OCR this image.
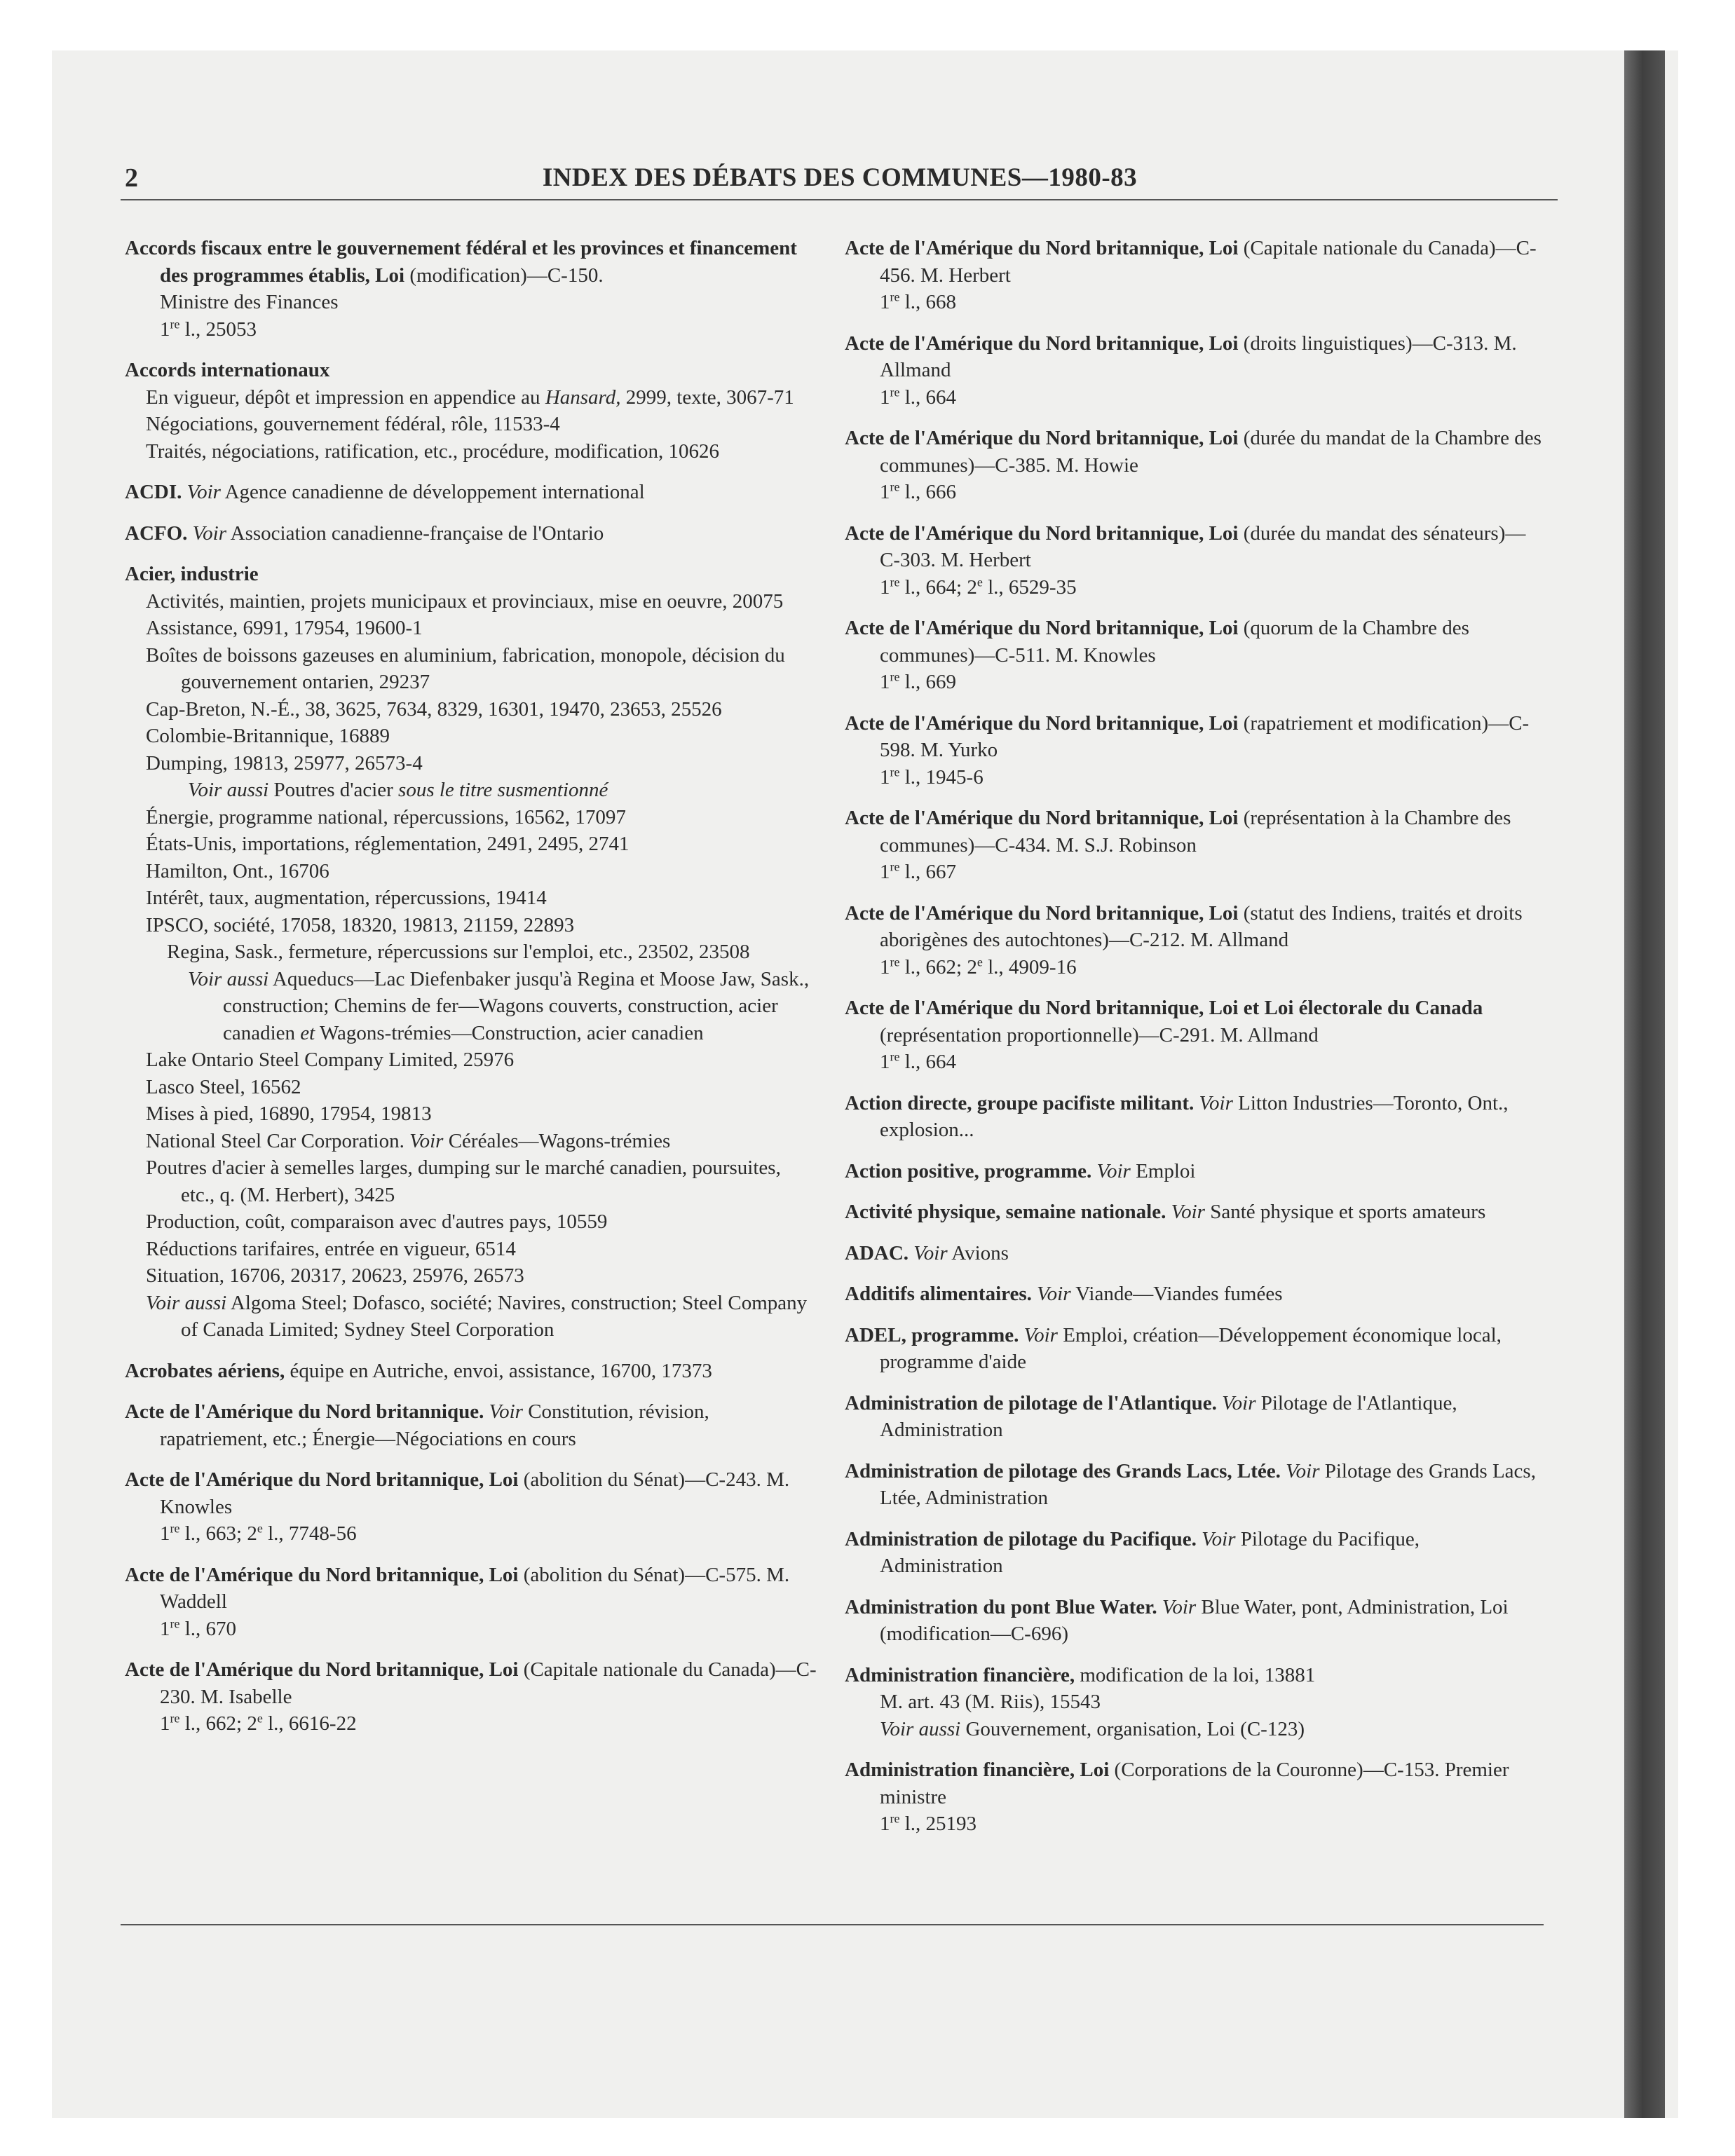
2	INDEX DES DÉBATS DES COMMUNES—1980-83

Accords fiscaux entre le gouvernement fédéral et les provinces et financement des programmes établis, Loi (modification)—C-150.

Ministre des Finances

1re l., 25053

Accords internationaux

En vigueur, dépôt et impression en appendice au Hansard, 2999, texte, 3067-71

Négociations, gouvernement fédéral, rôle, 11533-4

Traités, négociations, ratification, etc., procédure, modification, 10626

ACDI. Voir Agence canadienne de développement international

ACFO. Voir Association canadienne-française de l'Ontario

Acier, industrie

Activités, maintien, projets municipaux et provinciaux, mise en oeuvre, 20075

Assistance, 6991, 17954, 19600-1

Boîtes de boissons gazeuses en aluminium, fabrication, monopole, décision du gouvernement ontarien, 29237

Cap-Breton, N.-É., 38, 3625, 7634, 8329, 16301, 19470, 23653, 25526

Colombie-Britannique, 16889

Dumping, 19813, 25977, 26573-4

Voir aussi Poutres d'acier sous le titre susmentionné

Énergie, programme national, répercussions, 16562, 17097

États-Unis, importations, réglementation, 2491, 2495, 2741

Hamilton, Ont., 16706

Intérêt, taux, augmentation, répercussions, 19414

IPSCO, société, 17058, 18320, 19813, 21159, 22893

Regina, Sask., fermeture, répercussions sur l'emploi, etc., 23502, 23508

Voir aussi Aqueducs—Lac Diefenbaker jusqu'à Regina et Moose Jaw, Sask., construction; Chemins de fer—Wagons couverts, construction, acier canadien et Wagons-trémies—Construction, acier canadien

Lake Ontario Steel Company Limited, 25976

Lasco Steel, 16562

Mises à pied, 16890, 17954, 19813

National Steel Car Corporation. Voir Céréales—Wagons-trémies

Poutres d'acier à semelles larges, dumping sur le marché canadien, poursuites, etc., q. (M. Herbert), 3425

Production, coût, comparaison avec d'autres pays, 10559

Réductions tarifaires, entrée en vigueur, 6514

Situation, 16706, 20317, 20623, 25976, 26573

Voir aussi Algoma Steel; Dofasco, société; Navires, construction; Steel Company of Canada Limited; Sydney Steel Corporation

Acrobates aériens, équipe en Autriche, envoi, assistance, 16700, 17373

Acte de l'Amérique du Nord britannique. Voir Constitution, révision, rapatriement, etc.; Énergie—Négociations en cours

Acte de l'Amérique du Nord britannique, Loi (abolition du Sénat)—C-243. M. Knowles

1re l., 663; 2e l., 7748-56

Acte de l'Amérique du Nord britannique, Loi (abolition du Sénat)—C-575. M. Waddell

1re l., 670

Acte de l'Amérique du Nord britannique, Loi (Capitale nationale du Canada)—C-230. M. Isabelle

1re l., 662; 2e l., 6616-22

Acte de l'Amérique du Nord britannique, Loi (Capitale nationale du Canada)—C-456. M. Herbert

1re l., 668

Acte de l'Amérique du Nord britannique, Loi (droits linguistiques)—C-313. M. Allmand

1re l., 664

Acte de l'Amérique du Nord britannique, Loi (durée du mandat de la Chambre des communes)—C-385. M. Howie

1re l., 666

Acte de l'Amérique du Nord britannique, Loi (durée du mandat des sénateurs)—C-303. M. Herbert

1re l., 664; 2e l., 6529-35

Acte de l'Amérique du Nord britannique, Loi (quorum de la Chambre des communes)—C-511. M. Knowles

1re l., 669

Acte de l'Amérique du Nord britannique, Loi (rapatriement et modification)—C-598. M. Yurko

1re l., 1945-6

Acte de l'Amérique du Nord britannique, Loi (représentation à la Chambre des communes)—C-434. M. S.J. Robinson

1re l., 667

Acte de l'Amérique du Nord britannique, Loi (statut des Indiens, traités et droits aborigènes des autochtones)—C-212. M. Allmand

1re l., 662; 2e l., 4909-16

Acte de l'Amérique du Nord britannique, Loi et Loi électorale du Canada (représentation proportionnelle)—C-291. M. Allmand

1re l., 664

Action directe, groupe pacifiste militant. Voir Litton Industries—Toronto, Ont., explosion...

Action positive, programme. Voir Emploi

Activité physique, semaine nationale. Voir Santé physique et sports amateurs

ADAC. Voir Avions

Additifs alimentaires. Voir Viande—Viandes fumées

ADEL, programme. Voir Emploi, création—Développement économique local, programme d'aide

Administration de pilotage de l'Atlantique. Voir Pilotage de l'Atlantique, Administration

Administration de pilotage des Grands Lacs, Ltée. Voir Pilotage des Grands Lacs, Ltée, Administration

Administration de pilotage du Pacifique. Voir Pilotage du Pacifique, Administration

Administration du pont Blue Water. Voir Blue Water, pont, Administration, Loi (modification—C-696)

Administration financière, modification de la loi, 13881

M. art. 43 (M. Riis), 15543

Voir aussi Gouvernement, organisation, Loi (C-123)

Administration financière, Loi (Corporations de la Couronne)—C-153. Premier ministre

1re l., 25193
